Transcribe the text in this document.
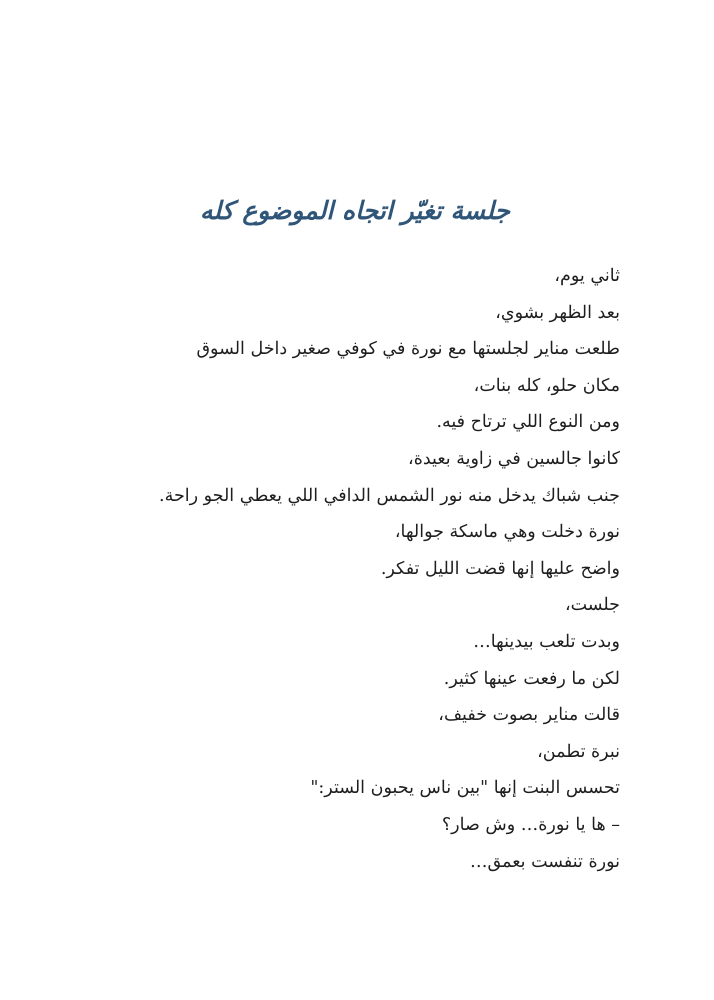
جلسة تغيّر اتجاه الموضوع كله
ثاني يوم،
بعد الظهر بشوي،
طلعت مناير لجلستها مع نورة في كوفي صغير داخل السوق
مكان حلو، كله بنات،
ومن النوع اللي ترتاح فيه.
كانوا جالسين في زاوية بعيدة،
جنب شباك يدخل منه نور الشمس الدافي اللي يعطي الجو راحة.
نورة دخلت وهي ماسكة جوالها،
واضح عليها إنها قضت الليل تفكر.
جلست،
وبدت تلعب بيدينها…
لكن ما رفعت عينها كثير.
قالت مناير بصوت خفيف،
نبرة تطمن،
تحسس البنت إنها "بين ناس يحبون الستر:"
– ها يا نورة… وش صار؟
نورة تنفست بعمق…
